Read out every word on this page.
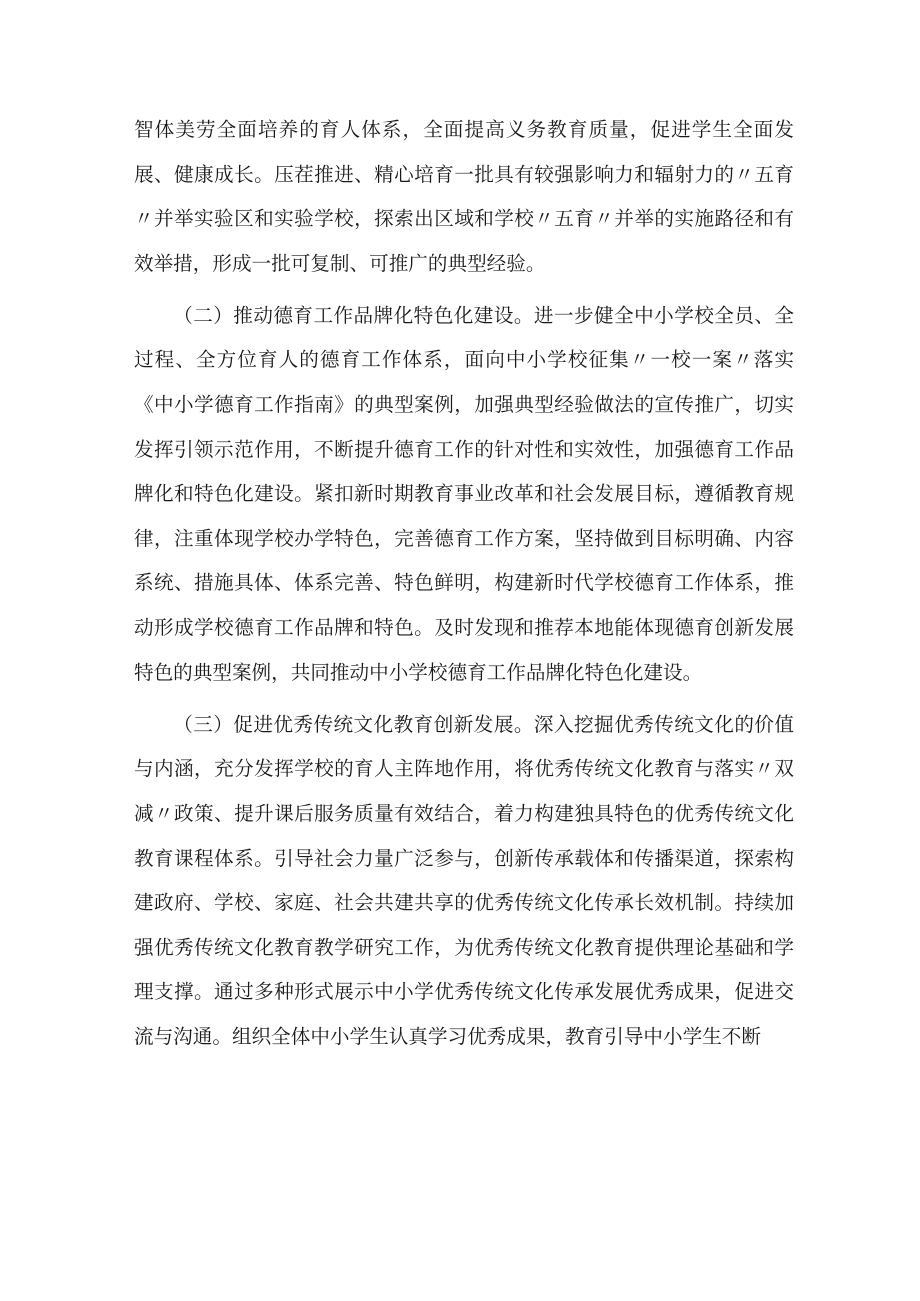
智体美劳全面培养的育人体系，全面提高义务教育质量，促进学生全面发展、健康成长。压茬推进、精心培育一批具有较强影响力和辐射力的〃五育〃并举实验区和实验学校，探索出区域和学校〃五育〃并举的实施路径和有效举措，形成一批可复制、可推广的典型经验。

（二）推动德育工作品牌化特色化建设。进一步健全中小学校全员、全过程、全方位育人的德育工作体系，面向中小学校征集〃一校一案〃落实《中小学德育工作指南》的典型案例，加强典型经验做法的宣传推广，切实发挥引领示范作用，不断提升德育工作的针对性和实效性，加强德育工作品牌化和特色化建设。紧扣新时期教育事业改革和社会发展目标，遵循教育规律，注重体现学校办学特色，完善德育工作方案，坚持做到目标明确、内容系统、措施具体、体系完善、特色鲜明，构建新时代学校德育工作体系，推动形成学校德育工作品牌和特色。及时发现和推荐本地能体现德育创新发展特色的典型案例，共同推动中小学校德育工作品牌化特色化建设。

（三）促进优秀传统文化教育创新发展。深入挖掘优秀传统文化的价值与内涵，充分发挥学校的育人主阵地作用，将优秀传统文化教育与落实〃双减〃政策、提升课后服务质量有效结合，着力构建独具特色的优秀传统文化教育课程体系。引导社会力量广泛参与，创新传承载体和传播渠道，探索构建政府、学校、家庭、社会共建共享的优秀传统文化传承长效机制。持续加强优秀传统文化教育教学研究工作，为优秀传统文化教育提供理论基础和学理支撑。通过多种形式展示中小学优秀传统文化传承发展优秀成果，促进交流与沟通。组织全体中小学生认真学习优秀成果，教育引导中小学生不断
